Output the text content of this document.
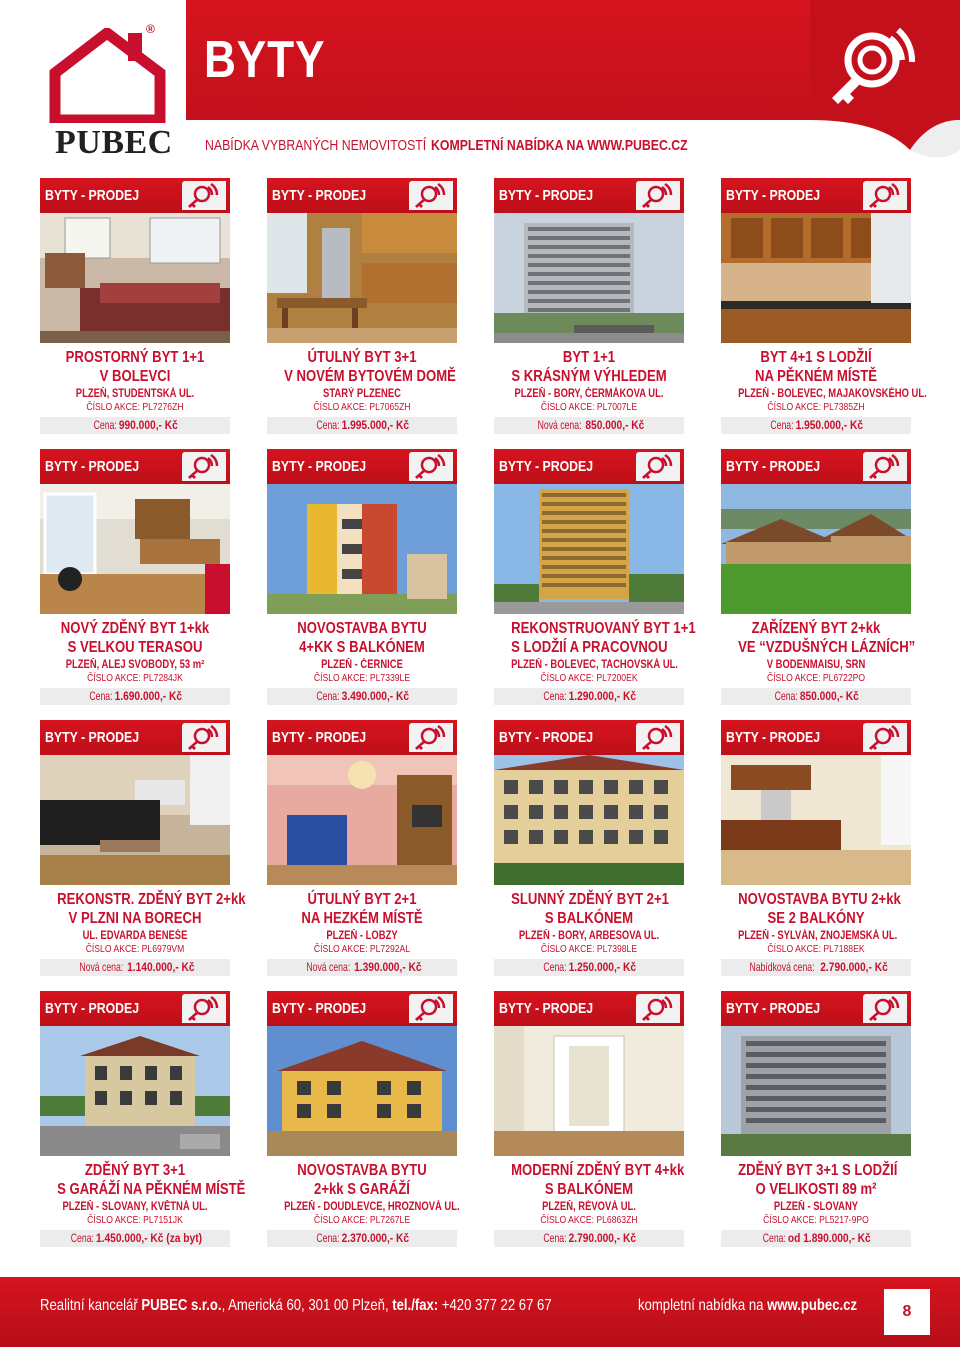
®
PUBEC
BYTY
NABÍDKA VYBRANÝCH NEMOVITOSTÍ KOMPLETNÍ NABÍDKA NA WWW.PUBEC.CZ
BYTY - PRODEJ
PROSTORNÝ BYT 1+1
V BOLEVCI
PLZEŇ, STUDENTSKÁ UL.
ČÍSLO AKCE: PL7276ZH
Cena:990.000,- Kč
BYTY - PRODEJ
ÚTULNÝ BYT 3+1
V NOVÉM BYTOVÉM DOMĚ
STARÝ PLZENEC
ČÍSLO AKCE: PL7065ZH
Cena:1.995.000,- Kč
BYTY - PRODEJ
BYT 1+1
S KRÁSNÝM VÝHLEDEM
PLZEŇ - BORY, ČERMÁKOVA UL.
ČÍSLO AKCE: PL7007LE
Nová cena:850.000,- Kč
BYTY - PRODEJ
BYT 4+1 S LODŽIÍ
NA PĚKNÉM MÍSTĚ
PLZEŇ - BOLEVEC, MAJAKOVSKÉHO UL.
ČÍSLO AKCE: PL7385ZH
Cena:1.950.000,- Kč
BYTY - PRODEJ
NOVÝ ZDĚNÝ BYT 1+kk
S VELKOU TERASOU
PLZEŇ, ALEJ SVOBODY, 53 m²
ČÍSLO AKCE: PL7284JK
Cena:1.690.000,- Kč
BYTY - PRODEJ
NOVOSTAVBA BYTU
4+KK S BALKÓNEM
PLZEŇ - ČERNICE
ČÍSLO AKCE: PL7339LE
Cena:3.490.000,- Kč
BYTY - PRODEJ
REKONSTRUOVANÝ BYT 1+1
S LODŽIÍ A PRACOVNOU
PLZEŇ - BOLEVEC, TACHOVSKÁ UL.
ČÍSLO AKCE: PL7200EK
Cena:1.290.000,- Kč
BYTY - PRODEJ
ZAŘÍZENÝ BYT 2+kk
VE “VZDUŠNÝCH LÁZNÍCH”
V BODENMAISU, SRN
ČÍSLO AKCE: PL6722PO
Cena:850.000,- Kč
BYTY - PRODEJ
REKONSTR. ZDĚNÝ BYT 2+kk
V PLZNI NA BORECH
UL. EDVARDA BENEŠE
ČÍSLO AKCE: PL6979VM
Nová cena:1.140.000,- Kč
BYTY - PRODEJ
ÚTULNÝ BYT 2+1
NA HEZKÉM MÍSTĚ
PLZEŇ - LOBZY
ČÍSLO AKCE: PL7292AL
Nová cena:1.390.000,- Kč
BYTY - PRODEJ
SLUNNÝ ZDĚNÝ BYT 2+1
S BALKÓNEM
PLZEŇ - BORY, ARBESOVA UL.
ČÍSLO AKCE: PL7398LE
Cena:1.250.000,- Kč
BYTY - PRODEJ
NOVOSTAVBA BYTU 2+kk
SE 2 BALKÓNY
PLZEŇ - SYLVÁN, ZNOJEMSKÁ UL.
ČÍSLO AKCE: PL7188EK
Nabídková cena:2.790.000,- Kč
BYTY - PRODEJ
ZDĚNÝ BYT 3+1
S GARÁŽÍ NA PĚKNÉM MÍSTĚ
PLZEŇ - SLOVANY, KVĚTNÁ UL.
ČÍSLO AKCE: PL7151JK
Cena:1.450.000,- Kč (za byt)
BYTY - PRODEJ
NOVOSTAVBA BYTU
2+kk S GARÁŽÍ
PLZEŇ - DOUDLEVCE, HROZNOVÁ UL.
ČÍSLO AKCE: PL7267LE
Cena:2.370.000,- Kč
BYTY - PRODEJ
MODERNÍ ZDĚNÝ BYT 4+kk
S BALKÓNEM
PLZEŇ, RÉVOVÁ UL.
ČÍSLO AKCE: PL6863ZH
Cena:2.790.000,- Kč
BYTY - PRODEJ
ZDĚNÝ BYT 3+1 S LODŽIÍ
O VELIKOSTI 89 m²
PLZEŇ - SLOVANY
ČÍSLO AKCE: PL5217-9PO
Cena:od 1.890.000,- Kč
Realitní kancelář PUBEC s.r.o., Americká 60, 301 00 Plzeň, tel./fax: +420 377 22 67 67	kompletní nabídka na www.pubec.cz	8
